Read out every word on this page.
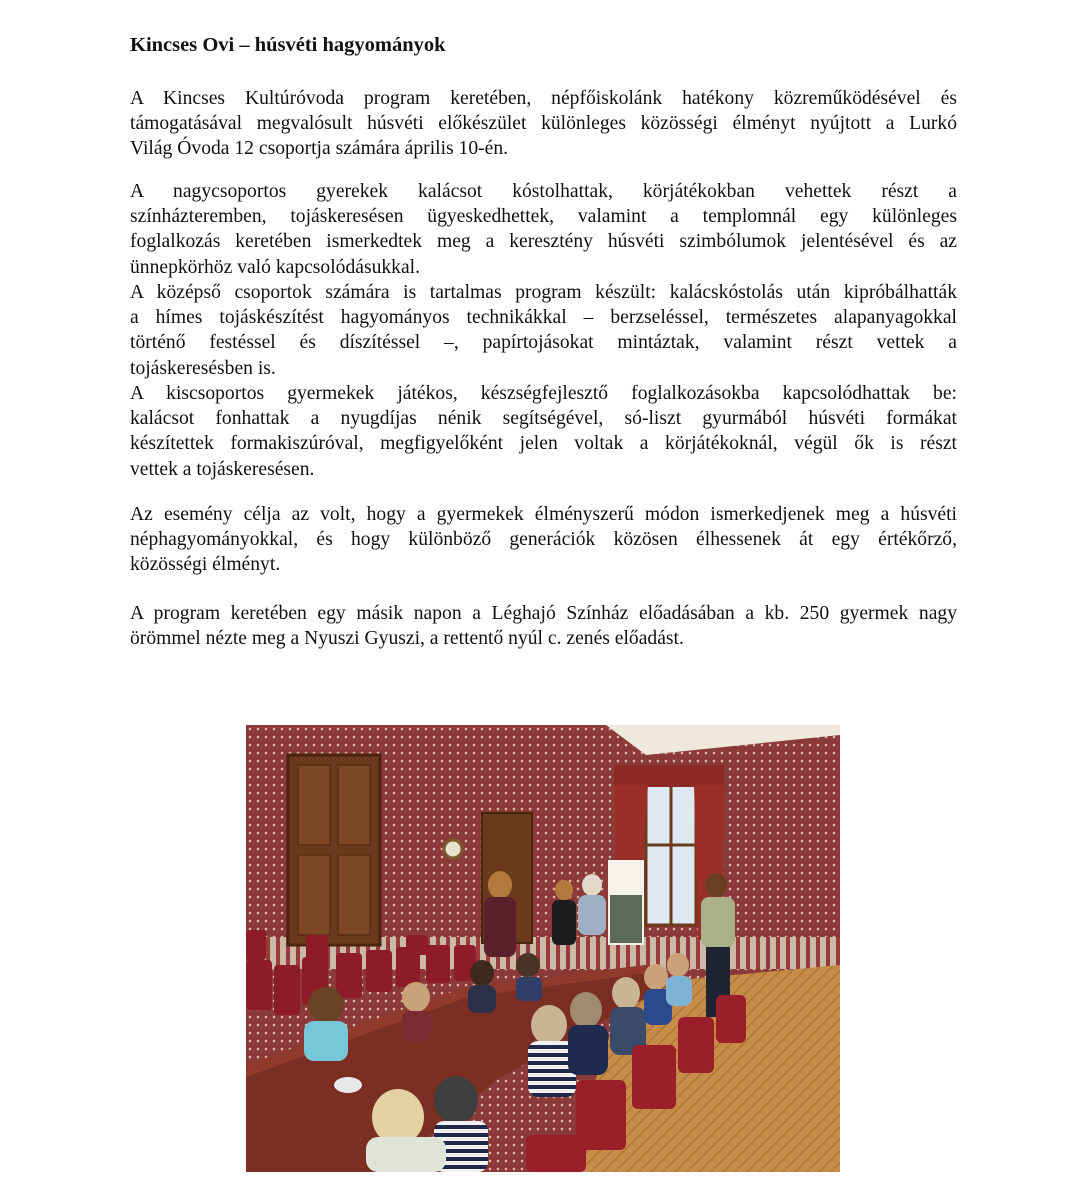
Kincses Ovi – húsvéti hagyományok

A Kincses Kultúróvoda program keretében, népfőiskolánk hatékony közreműködésével és
támogatásával megvalósult húsvéti előkészület különleges közösségi élményt nyújtott a Lurkó
Világ Óvoda 12 csoportja számára április 10-én.

A nagycsoportos gyerekek kalácsot kóstolhattak, körjátékokban vehettek részt a
színházteremben, tojáskeresésen ügyeskedhettek, valamint a templomnál egy különleges
foglalkozás keretében ismerkedtek meg a keresztény húsvéti szimbólumok jelentésével és az
ünnepkörhöz való kapcsolódásukkal.

A középső csoportok számára is tartalmas program készült: kalácskóstolás után kipróbálhatták
a hímes tojáskészítést hagyományos technikákkal – berzseléssel, természetes alapanyagokkal
történő festéssel és díszítéssel –, papírtojásokat mintáztak, valamint részt vettek a
tojáskeresésben is.

A kiscsoportos gyermekek játékos, készségfejlesztő foglalkozásokba kapcsolódhattak be:
kalácsot fonhattak a nyugdíjas nénik segítségével, só-liszt gyurmából húsvéti formákat
készítettek formakiszúróval, megfigyelőként jelen voltak a körjátékoknál, végül ők is részt
vettek a tojáskeresésen.

Az esemény célja az volt, hogy a gyermekek élményszerű módon ismerkedjenek meg a húsvéti
néphagyományokkal, és hogy különböző generációk közösen élhessenek át egy értékőrző,
közösségi élményt.

A program keretében egy másik napon a Léghajó Színház előadásában a kb. 250 gyermek nagy
örömmel nézte meg a Nyuszi Gyuszi, a rettentő nyúl c. zenés előadást.
